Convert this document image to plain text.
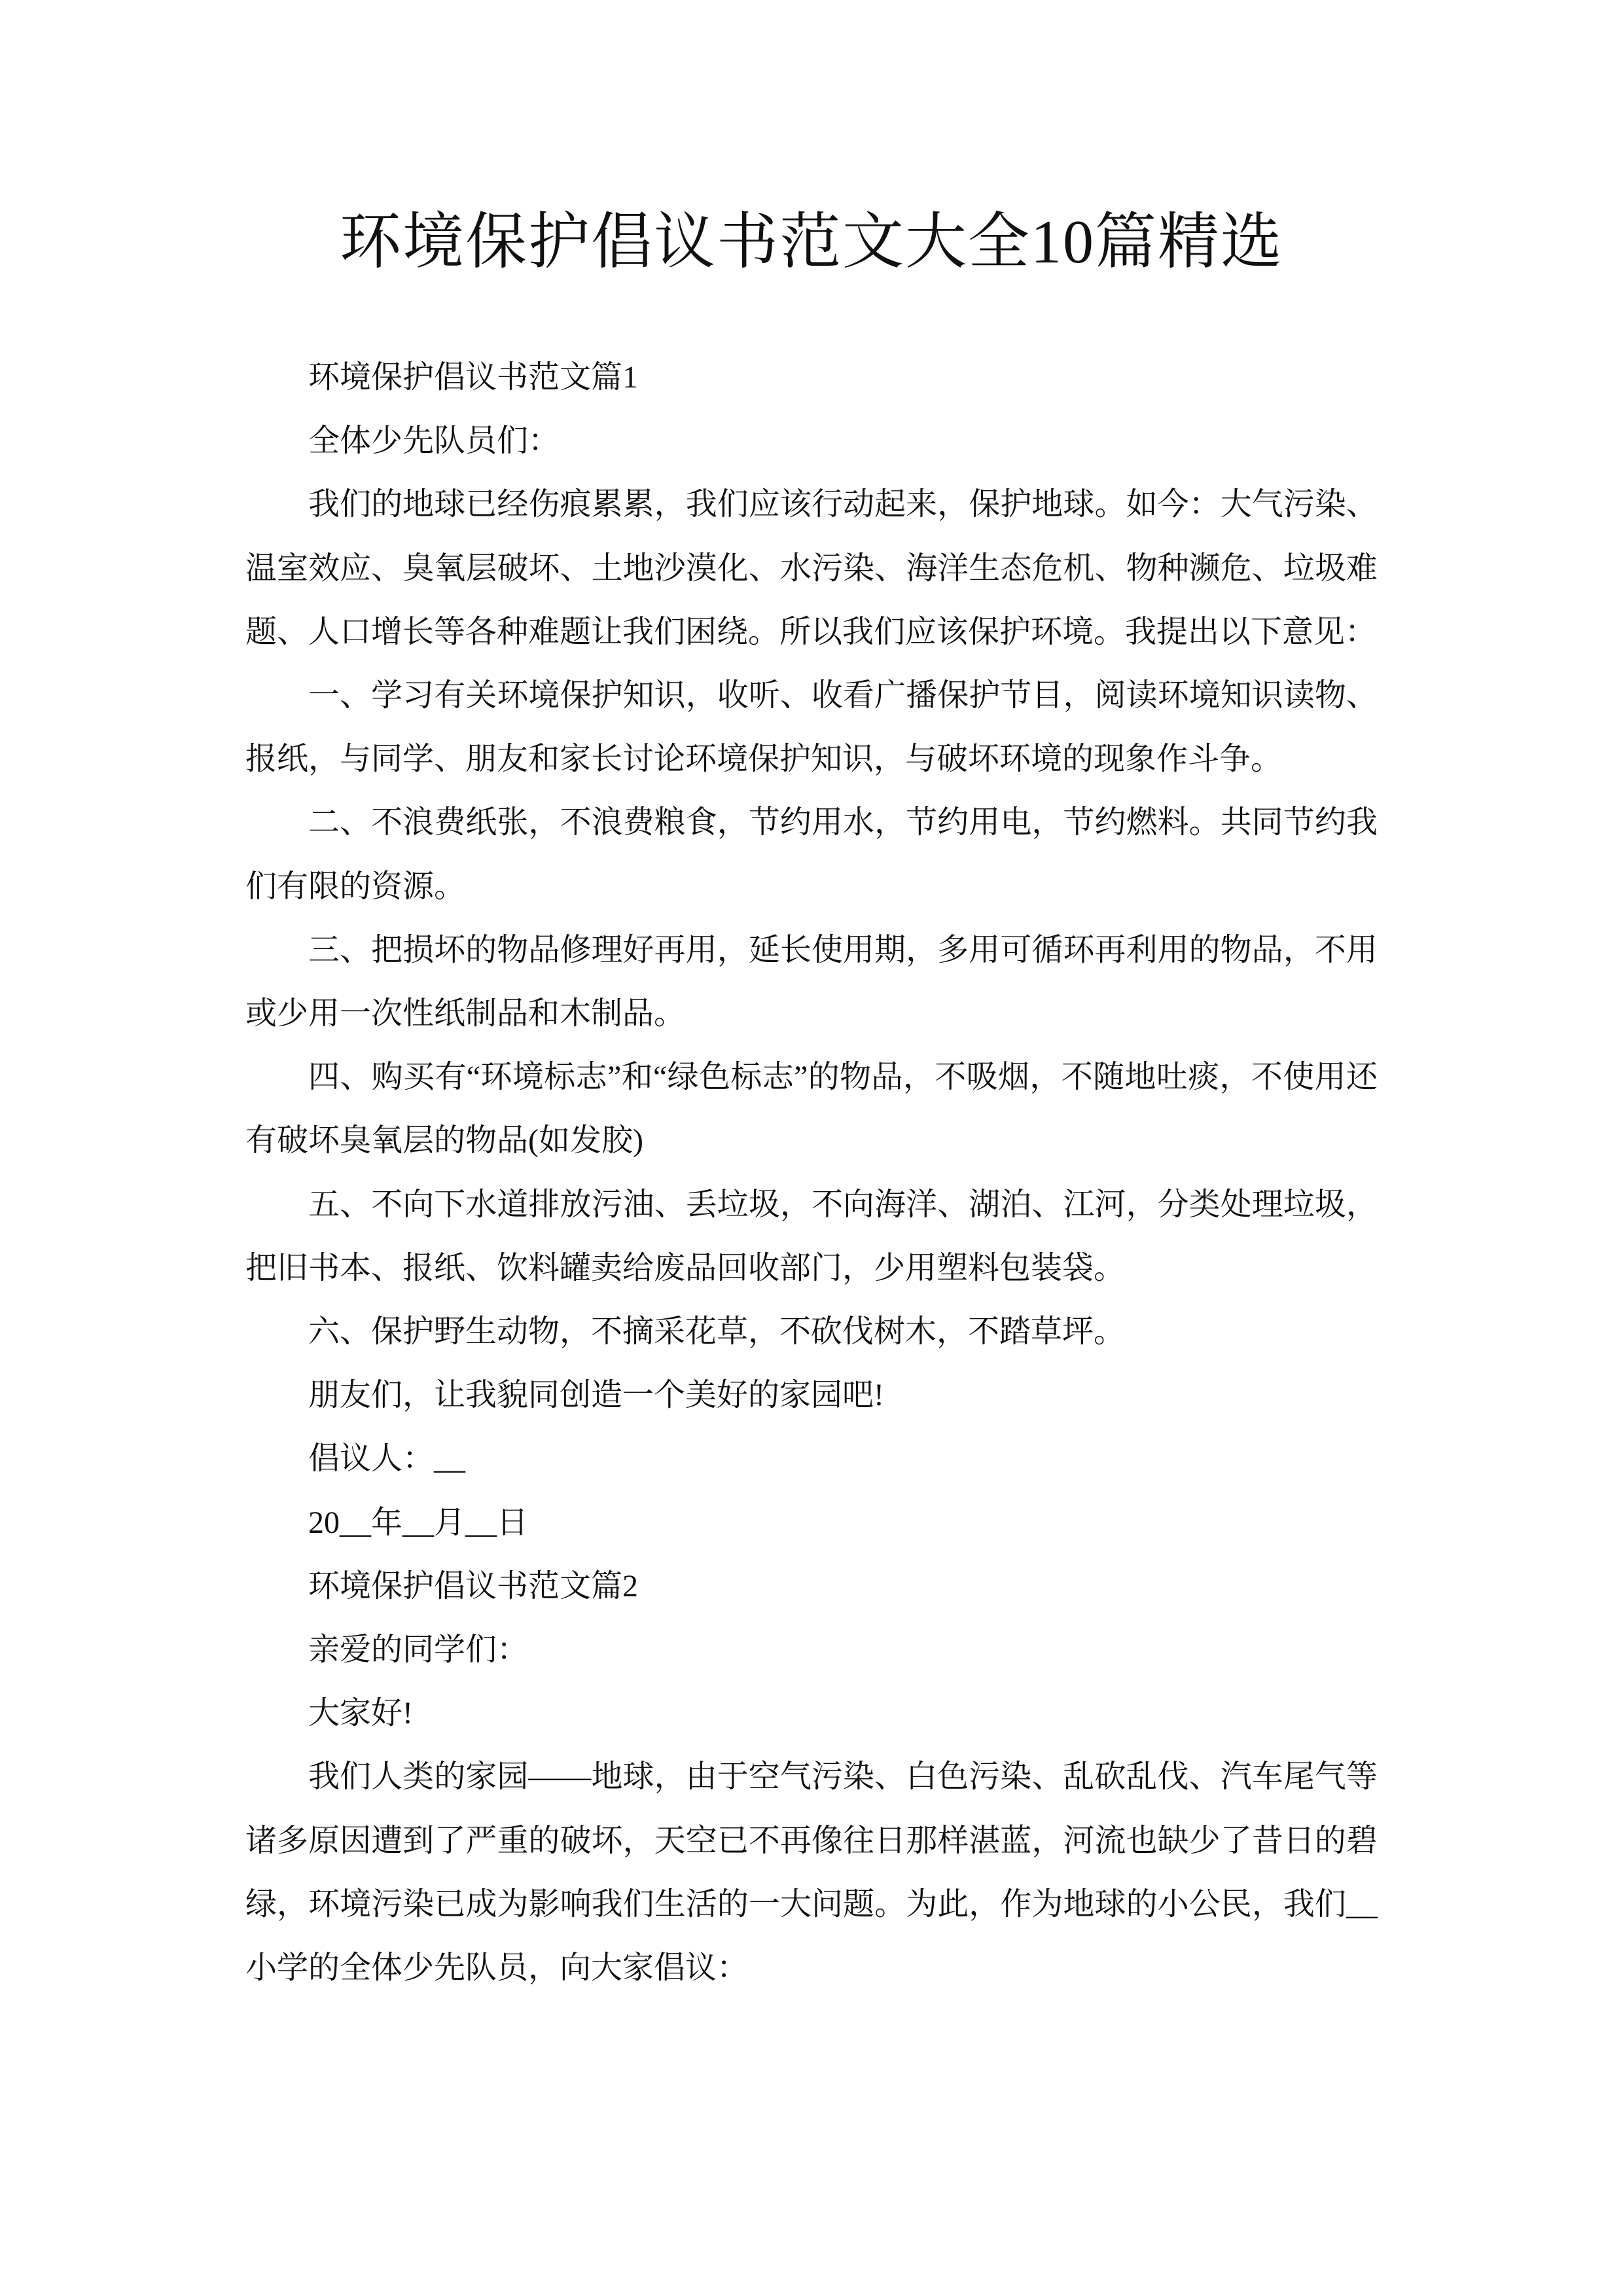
环境保护倡议书范文大全10篇精选

环境保护倡议书范文篇1

全体少先队员们：

我们的地球已经伤痕累累，我们应该行动起来，保护地球。如今：大气污染、温室效应、臭氧层破坏、土地沙漠化、水污染、海洋生态危机、物种濒危、垃圾难题、人口增长等各种难题让我们困绕。所以我们应该保护环境。我提出以下意见：

一、学习有关环境保护知识，收听、收看广播保护节目，阅读环境知识读物、报纸，与同学、朋友和家长讨论环境保护知识，与破坏环境的现象作斗争。

二、不浪费纸张，不浪费粮食，节约用水，节约用电，节约燃料。共同节约我们有限的资源。

三、把损坏的物品修理好再用，延长使用期，多用可循环再利用的物品，不用或少用一次性纸制品和木制品。

四、购买有“环境标志”和“绿色标志”的物品，不吸烟，不随地吐痰，不使用还有破坏臭氧层的物品(如发胶)

五、不向下水道排放污油、丢垃圾，不向海洋、湖泊、江河，分类处理垃圾，把旧书本、报纸、饮料罐卖给废品回收部门，少用塑料包装袋。

六、保护野生动物，不摘采花草，不砍伐树木，不踏草坪。

朋友们，让我貌同创造一个美好的家园吧!

倡议人：__

20__年__月__日

环境保护倡议书范文篇2

亲爱的同学们：

大家好!

我们人类的家园——地球，由于空气污染、白色污染、乱砍乱伐、汽车尾气等诸多原因遭到了严重的破坏，天空已不再像往日那样湛蓝，河流也缺少了昔日的碧绿，环境污染已成为影响我们生活的一大问题。为此，作为地球的小公民，我们__小学的全体少先队员，向大家倡议：
